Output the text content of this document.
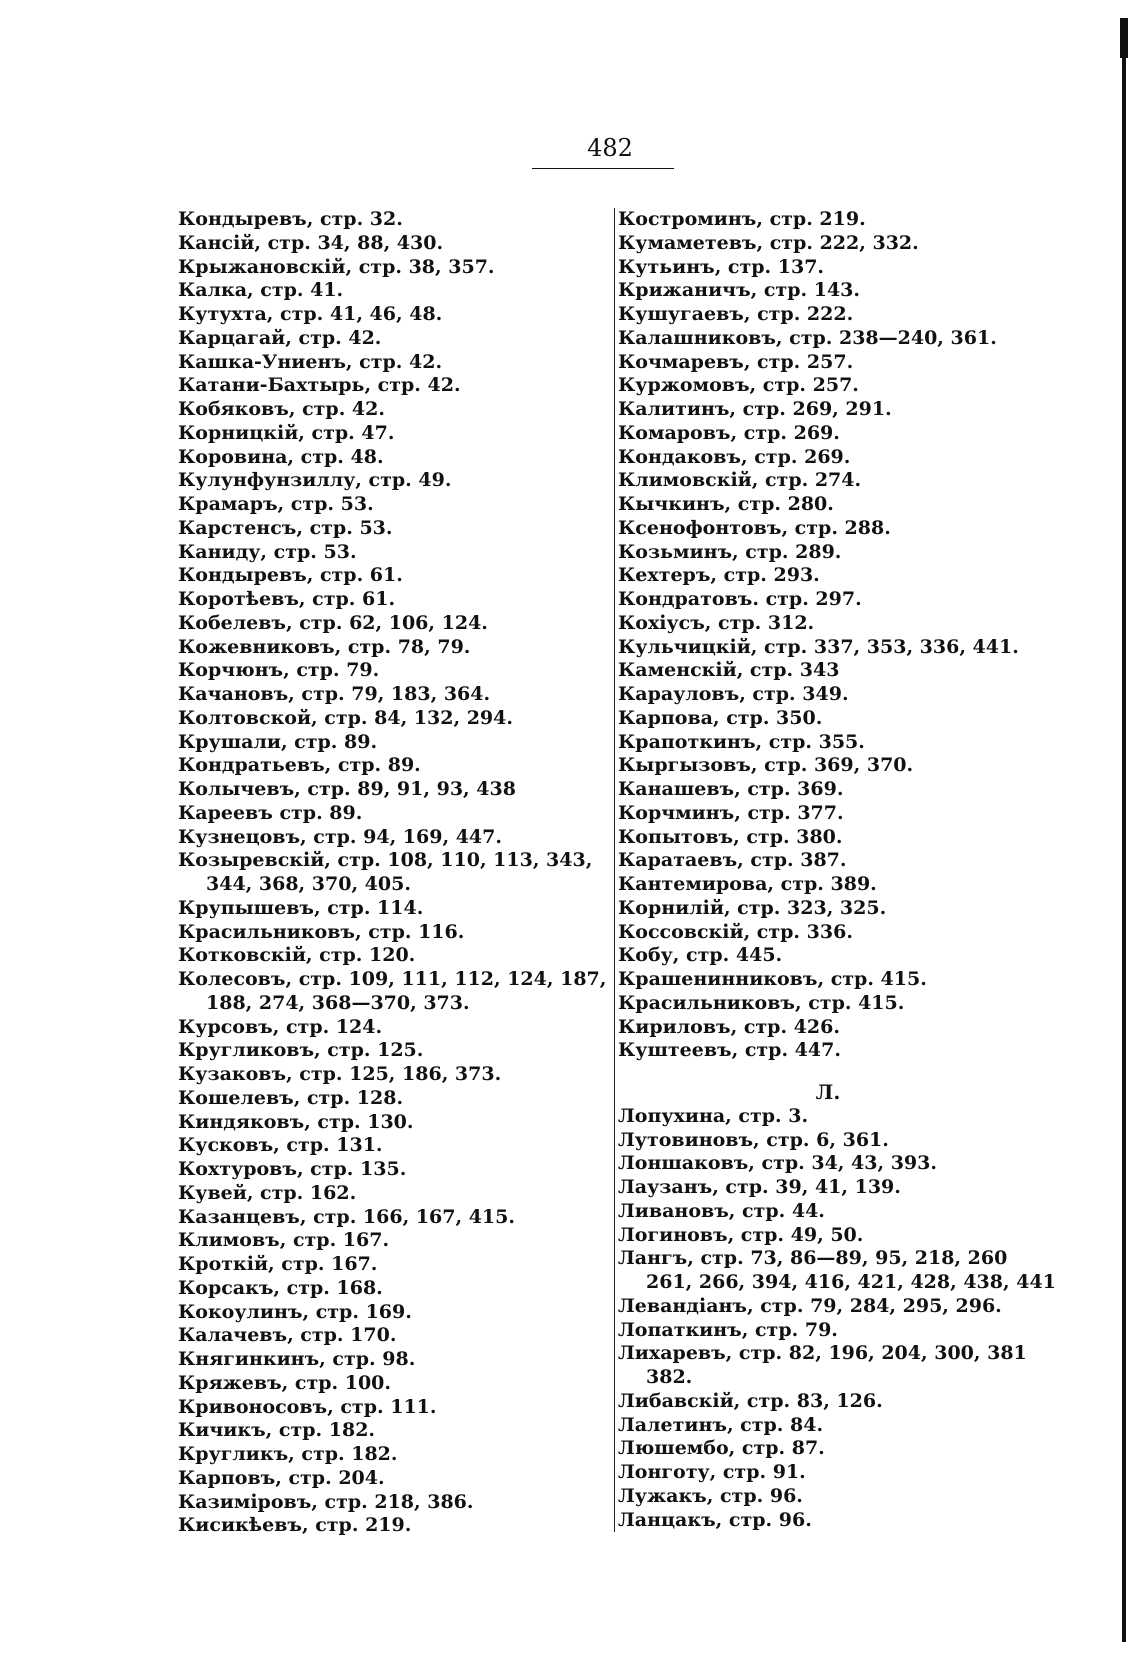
482
Кондыревъ, стр. 32.
Кансій, стр. 34, 88, 430.
Крыжановскій, стр. 38, 357.
Калка, стр. 41.
Кутухта, стр. 41, 46, 48.
Карцагай, стр. 42.
Кашка-Униенъ, стр. 42.
Катани-Бахтырь, стр. 42.
Кобяковъ, стр. 42.
Корницкій, стр. 47.
Коровина, стр. 48.
Кулунфунзиллу, стр. 49.
Крамаръ, стр. 53.
Карстенсъ, стр. 53.
Каниду, стр. 53.
Кондыревъ, стр. 61.
Коротѣевъ, стр. 61.
Кобелевъ, стр. 62, 106, 124.
Кожевниковъ, стр. 78, 79.
Корчюнъ, стр. 79.
Качановъ, стр. 79, 183, 364.
Колтовской, стр. 84, 132, 294.
Крушали, стр. 89.
Кондратьевъ, стр. 89.
Колычевъ, стр. 89, 91, 93, 438
Кареевъ стр. 89.
Кузнецовъ, стр. 94, 169, 447.
Козыревскій, стр. 108, 110, 113, 343,
344, 368, 370, 405.
Крупышевъ, стр. 114.
Красильниковъ, стр. 116.
Котковскій, стр. 120.
Колесовъ, стр. 109, 111, 112, 124, 187,
188, 274, 368—370, 373.
Курсовъ, стр. 124.
Кругликовъ, стр. 125.
Кузаковъ, стр. 125, 186, 373.
Кошелевъ, стр. 128.
Киндяковъ, стр. 130.
Кусковъ, стр. 131.
Кохтуровъ, стр. 135.
Кувей, стр. 162.
Казанцевъ, стр. 166, 167, 415.
Климовъ, стр. 167.
Кроткій, стр. 167.
Корсакъ, стр. 168.
Кокоулинъ, стр. 169.
Калачевъ, стр. 170.
Княгинкинъ, стр. 98.
Кряжевъ, стр. 100.
Кривоносовъ, стр. 111.
Кичикъ, стр. 182.
Кругликъ, стр. 182.
Карповъ, стр. 204.
Казиміровъ, стр. 218, 386.
Кисикѣевъ, стр. 219.
Костроминъ, стр. 219.
Кумаметевъ, стр. 222, 332.
Кутьинъ, стр. 137.
Крижаничъ, стр. 143.
Кушугаевъ, стр. 222.
Калашниковъ, стр. 238—240, 361.
Кочмаревъ, стр. 257.
Куржомовъ, стр. 257.
Калитинъ, стр. 269, 291.
Комаровъ, стр. 269.
Кондаковъ, стр. 269.
Климовскій, стр. 274.
Кычкинъ, стр. 280.
Ксенофонтовъ, стр. 288.
Козьминъ, стр. 289.
Кехтеръ, стр. 293.
Кондратовъ. стр. 297.
Кохіусъ, стр. 312.
Кульчицкій, стр. 337, 353, 336, 441.
Каменскій, стр. 343
Карауловъ, стр. 349.
Карпова, стр. 350.
Крапоткинъ, стр. 355.
Кыргызовъ, стр. 369, 370.
Канашевъ, стр. 369.
Корчминъ, стр. 377.
Копытовъ, стр. 380.
Каратаевъ, стр. 387.
Кантемирова, стр. 389.
Корнилій, стр. 323, 325.
Коссовскій, стр. 336.
Кобу, стр. 445.
Крашенинниковъ, стр. 415.
Красильниковъ, стр. 415.
Кириловъ, стр. 426.
Куштеевъ, стр. 447.
Л.
Лопухина, стр. 3.
Лутовиновъ, стр. 6, 361.
Лоншаковъ, стр. 34, 43, 393.
Лаузанъ, стр. 39, 41, 139.
Ливановъ, стр. 44.
Логиновъ, стр. 49, 50.
Лангъ, стр. 73, 86—89, 95, 218, 260
261, 266, 394, 416, 421, 428, 438, 441
Левандіанъ, стр. 79, 284, 295, 296.
Лопаткинъ, стр. 79.
Лихаревъ, стр. 82, 196, 204, 300, 381
382.
Либавскій, стр. 83, 126.
Лалетинъ, стр. 84.
Люшембо, стр. 87.
Лонготу, стр. 91.
Лужакъ, стр. 96.
Ланцакъ, стр. 96.
